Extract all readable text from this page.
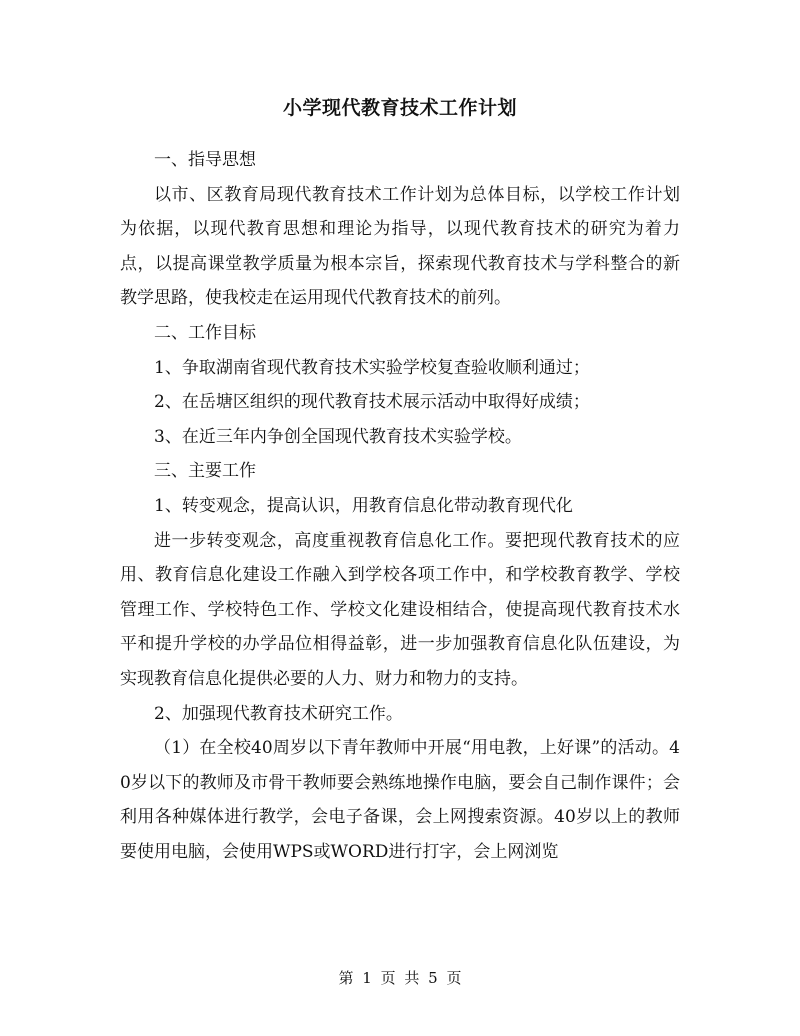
小学现代教育技术工作计划

一、指导思想

以市、区教育局现代教育技术工作计划为总体目标，以学校工作计划为依据，以现代教育思想和理论为指导，以现代教育技术的研究为着力点，以提高课堂教学质量为根本宗旨，探索现代教育技术与学科整合的新教学思路，使我校走在运用现代代教育技术的前列。

二、工作目标

1、争取湖南省现代教育技术实验学校复查验收顺利通过；

2、在岳塘区组织的现代教育技术展示活动中取得好成绩；

3、在近三年内争创全国现代教育技术实验学校。

三、主要工作

1、转变观念，提高认识，用教育信息化带动教育现代化

进一步转变观念，高度重视教育信息化工作。要把现代教育技术的应用、教育信息化建设工作融入到学校各项工作中，和学校教育教学、学校管理工作、学校特色工作、学校文化建设相结合，使提高现代教育技术水平和提升学校的办学品位相得益彰，进一步加强教育信息化队伍建设，为实现教育信息化提供必要的人力、财力和物力的支持。

2、加强现代教育技术研究工作。

（1）在全校40周岁以下青年教师中开展“用电教，上好课”的活动。40岁以下的教师及市骨干教师要会熟练地操作电脑，要会自己制作课件；会利用各种媒体进行教学，会电子备课，会上网搜索资源。40岁以上的教师要使用电脑，会使用WPS或WORD进行打字，会上网浏览

第 1 页 共 5 页
